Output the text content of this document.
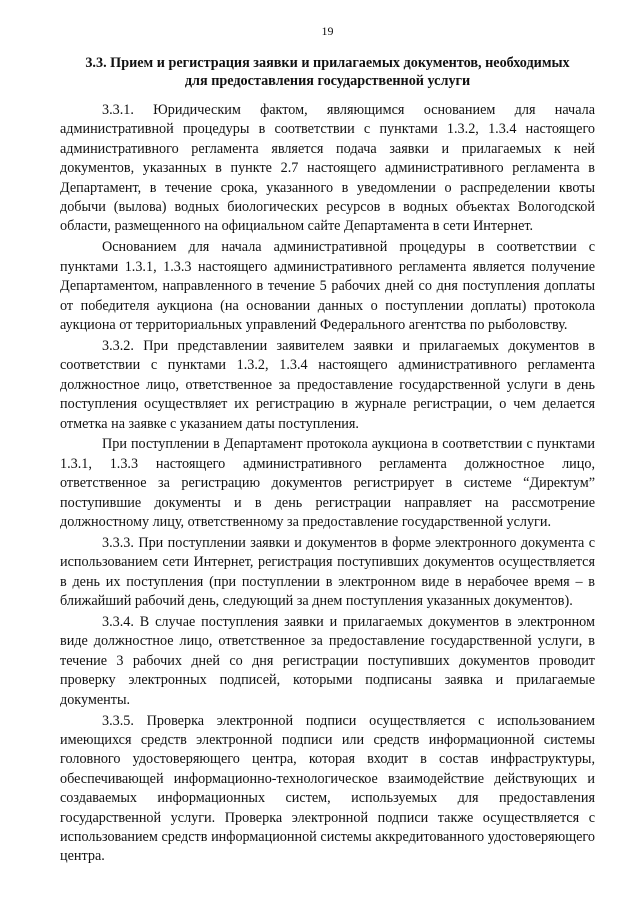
19
3.3. Прием и регистрация заявки и прилагаемых документов, необходимых
для предоставления государственной услуги

3.3.1. Юридическим фактом, являющимся основанием для начала административной процедуры в соответствии с пунктами 1.3.2, 1.3.4 настоящего административного регламента является подача заявки и прилагаемых к ней документов, указанных в пункте 2.7 настоящего административного регламента в Департамент, в течение срока, указанного в уведомлении о распределении квоты добычи (вылова) водных биологических ресурсов в водных объектах Вологодской области, размещенного на официальном сайте Департамента в сети Интернет.

Основанием для начала административной процедуры в соответствии с пунктами 1.3.1, 1.3.3 настоящего административного регламента является получение Департаментом, направленного в течение 5 рабочих дней со дня поступления доплаты от победителя аукциона (на основании данных о поступлении доплаты) протокола аукциона от территориальных управлений Федерального агентства по рыболовству.

3.3.2. При представлении заявителем заявки и прилагаемых документов в соответствии с пунктами 1.3.2, 1.3.4 настоящего административного регламента должностное лицо, ответственное за предоставление государственной услуги в день поступления осуществляет их регистрацию в журнале регистрации, о чем делается отметка на заявке с указанием даты поступления.

При поступлении в Департамент протокола аукциона в соответствии с пунктами 1.3.1, 1.3.3 настоящего административного регламента должностное лицо, ответственное за регистрацию документов регистрирует в системе “Директум” поступившие документы и в день регистрации направляет на рассмотрение должностному лицу, ответственному за предоставление государственной услуги.

3.3.3. При поступлении заявки и документов в форме электронного документа с использованием сети Интернет, регистрация поступивших документов осуществляется в день их поступления (при поступлении в электронном виде в нерабочее время – в ближайший рабочий день, следующий за днем поступления указанных документов).

3.3.4. В случае поступления заявки и прилагаемых документов в электронном виде должностное лицо, ответственное за предоставление государственной услуги, в течение 3 рабочих дней со дня регистрации поступивших документов проводит проверку электронных подписей, которыми подписаны заявка и прилагаемые документы.

3.3.5. Проверка электронной подписи осуществляется с использованием имеющихся средств электронной подписи или средств информационной системы головного удостоверяющего центра, которая входит в состав инфраструктуры, обеспечивающей информационно-технологическое взаимодействие действующих и создаваемых информационных систем, используемых для предоставления государственной услуги. Проверка электронной подписи также осуществляется с использованием средств информационной системы аккредитованного удостоверяющего центра.
